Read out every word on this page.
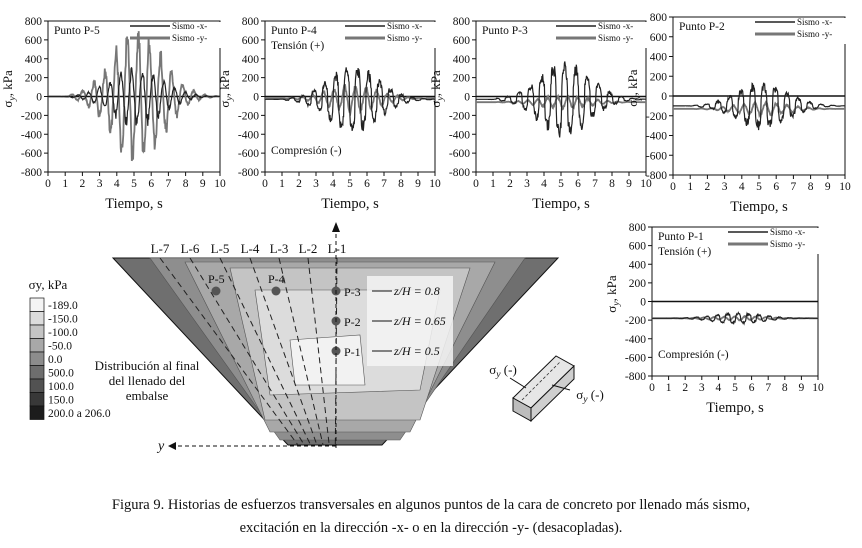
800
600
400
200
0
-200
-400
-600
-800
0 1 2 3 4 5 6 7 8 9 10
Punto P-5	Sismo -x-
Sismo -y-
Tiempo, s
$\sigma_y$, kPa
800
600
400
200
0
-200
-400
-600
-800
0 1 2 3 4 5 6 7 8 9 10
Punto P-4
Tensión (+)
Compresión (-)
Sismo -x-
Sismo -y-
Tiempo, s
$\sigma_y$, kPa
800
600
400
200
0
-200
-400
-600
-800
0 1 2 3 4 5 6 7 8 9 10
Punto P-3	Sismo -x-
Sismo -y-
Tiempo, s
$\sigma_y$, kPa
800
600
400
200
0
-200
-400
-600
-800
0 1 2 3 4 5 6 7 8 9 10
Punto P-2	Sismo -x-
Sismo -y-
Tiempo, s
$\sigma_y$, kPa
800
600
400
200
0
-200
-400
-600
-800
0 1 2 3 4 5 6 7 8 9 10
Punto P-1
Tensión (+)
Compresión (-)
Sismo -x-
Sismo -y-
Tiempo, s
$\sigma_y$, kPa
L-7 L-6 L-5 L-4 L-3 L-2 L-1
P-5	P-4
P-3
P-2
P-1
z/H = 0.8
z/H = 0.65
z/H = 0.5
y
Distribución al final
del llenado del
embalse
σy, kPa
-189.0
-150.0
-100.0
-50.0
0.0
500.0
100.0
150.0
200.0 a 206.0
$\sigma_y$ (-)
$\sigma_y$ (-)
Figura 9. Historias de esfuerzos transversales en algunos puntos de la cara de concreto por llenado más sismo,
excitación en la dirección -x- o en la dirección -y- (desacopladas).
